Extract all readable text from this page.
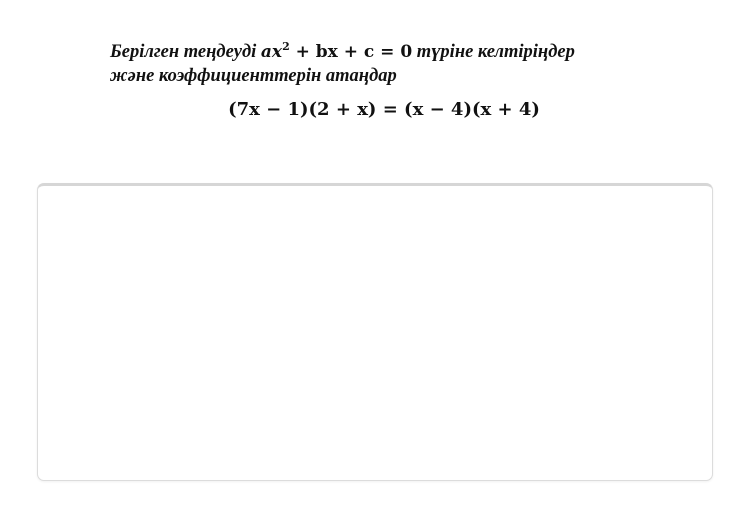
Берілген теңдеуді $ax^2$ + bx + c = 0 түріне келтіріңдер
және коэффициенттерін атаңдар
(7x − 1)(2 + x) = (x − 4)(x + 4)
